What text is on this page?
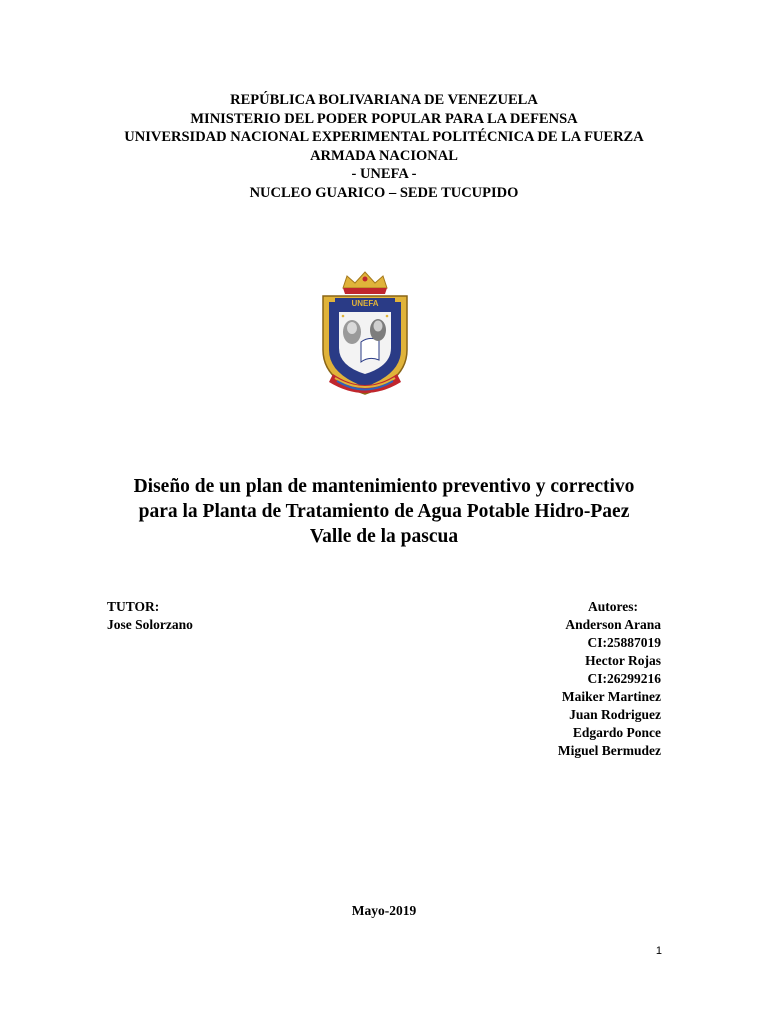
REPÚBLICA BOLIVARIANA DE VENEZUELA
MINISTERIO DEL PODER POPULAR PARA LA DEFENSA
UNIVERSIDAD NACIONAL EXPERIMENTAL POLITÉCNICA DE LA FUERZA
ARMADA NACIONAL
- UNEFA -
NUCLEO GUARICO – SEDE TUCUPIDO
UNEFA
Diseño de un plan de mantenimiento preventivo y correctivo
para la Planta de Tratamiento de Agua Potable Hidro-Paez
Valle de la pascua
TUTOR:
Jose Solorzano
Autores:
Anderson Arana
CI:25887019
Hector Rojas
CI:26299216
Maiker Martinez
Juan Rodriguez
Edgardo Ponce
Miguel Bermudez
Mayo-2019
1
